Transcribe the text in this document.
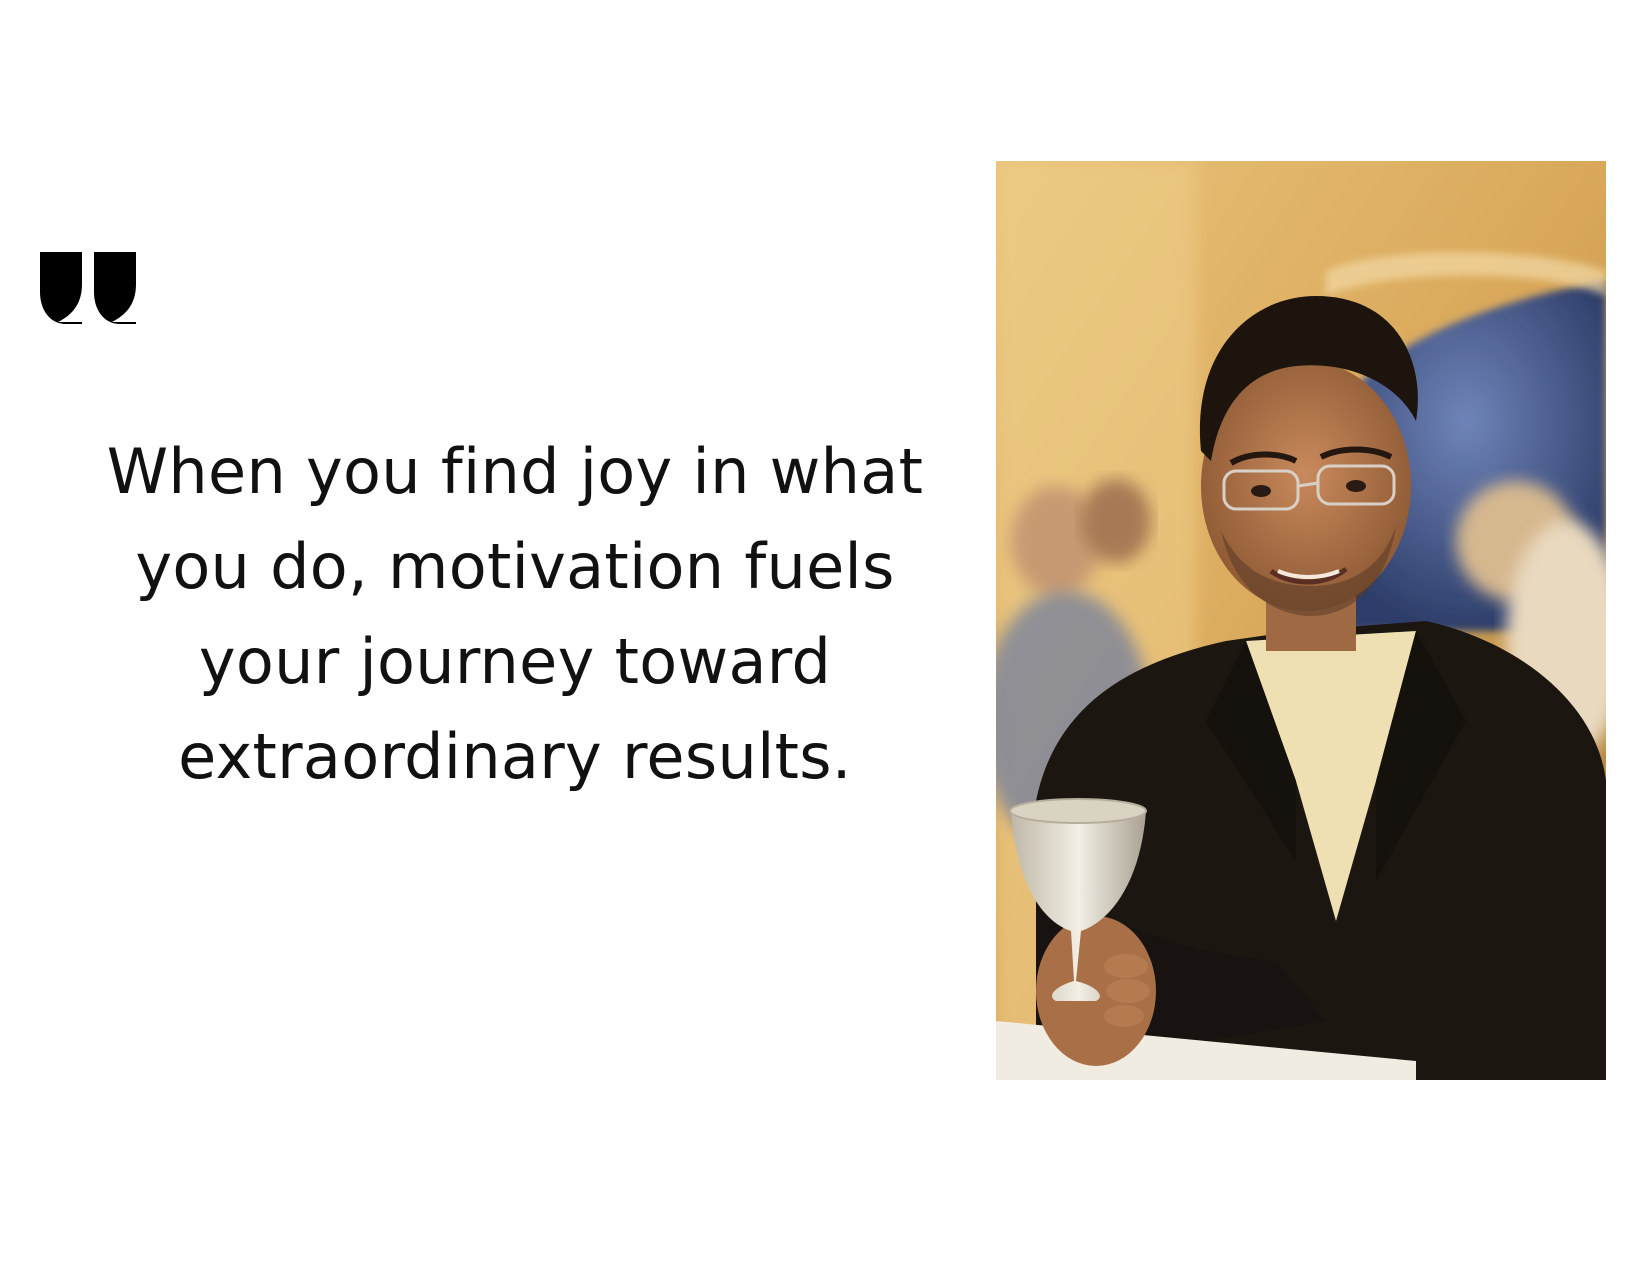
When you find joy in what
you do, motivation fuels
your journey toward
extraordinary results.
